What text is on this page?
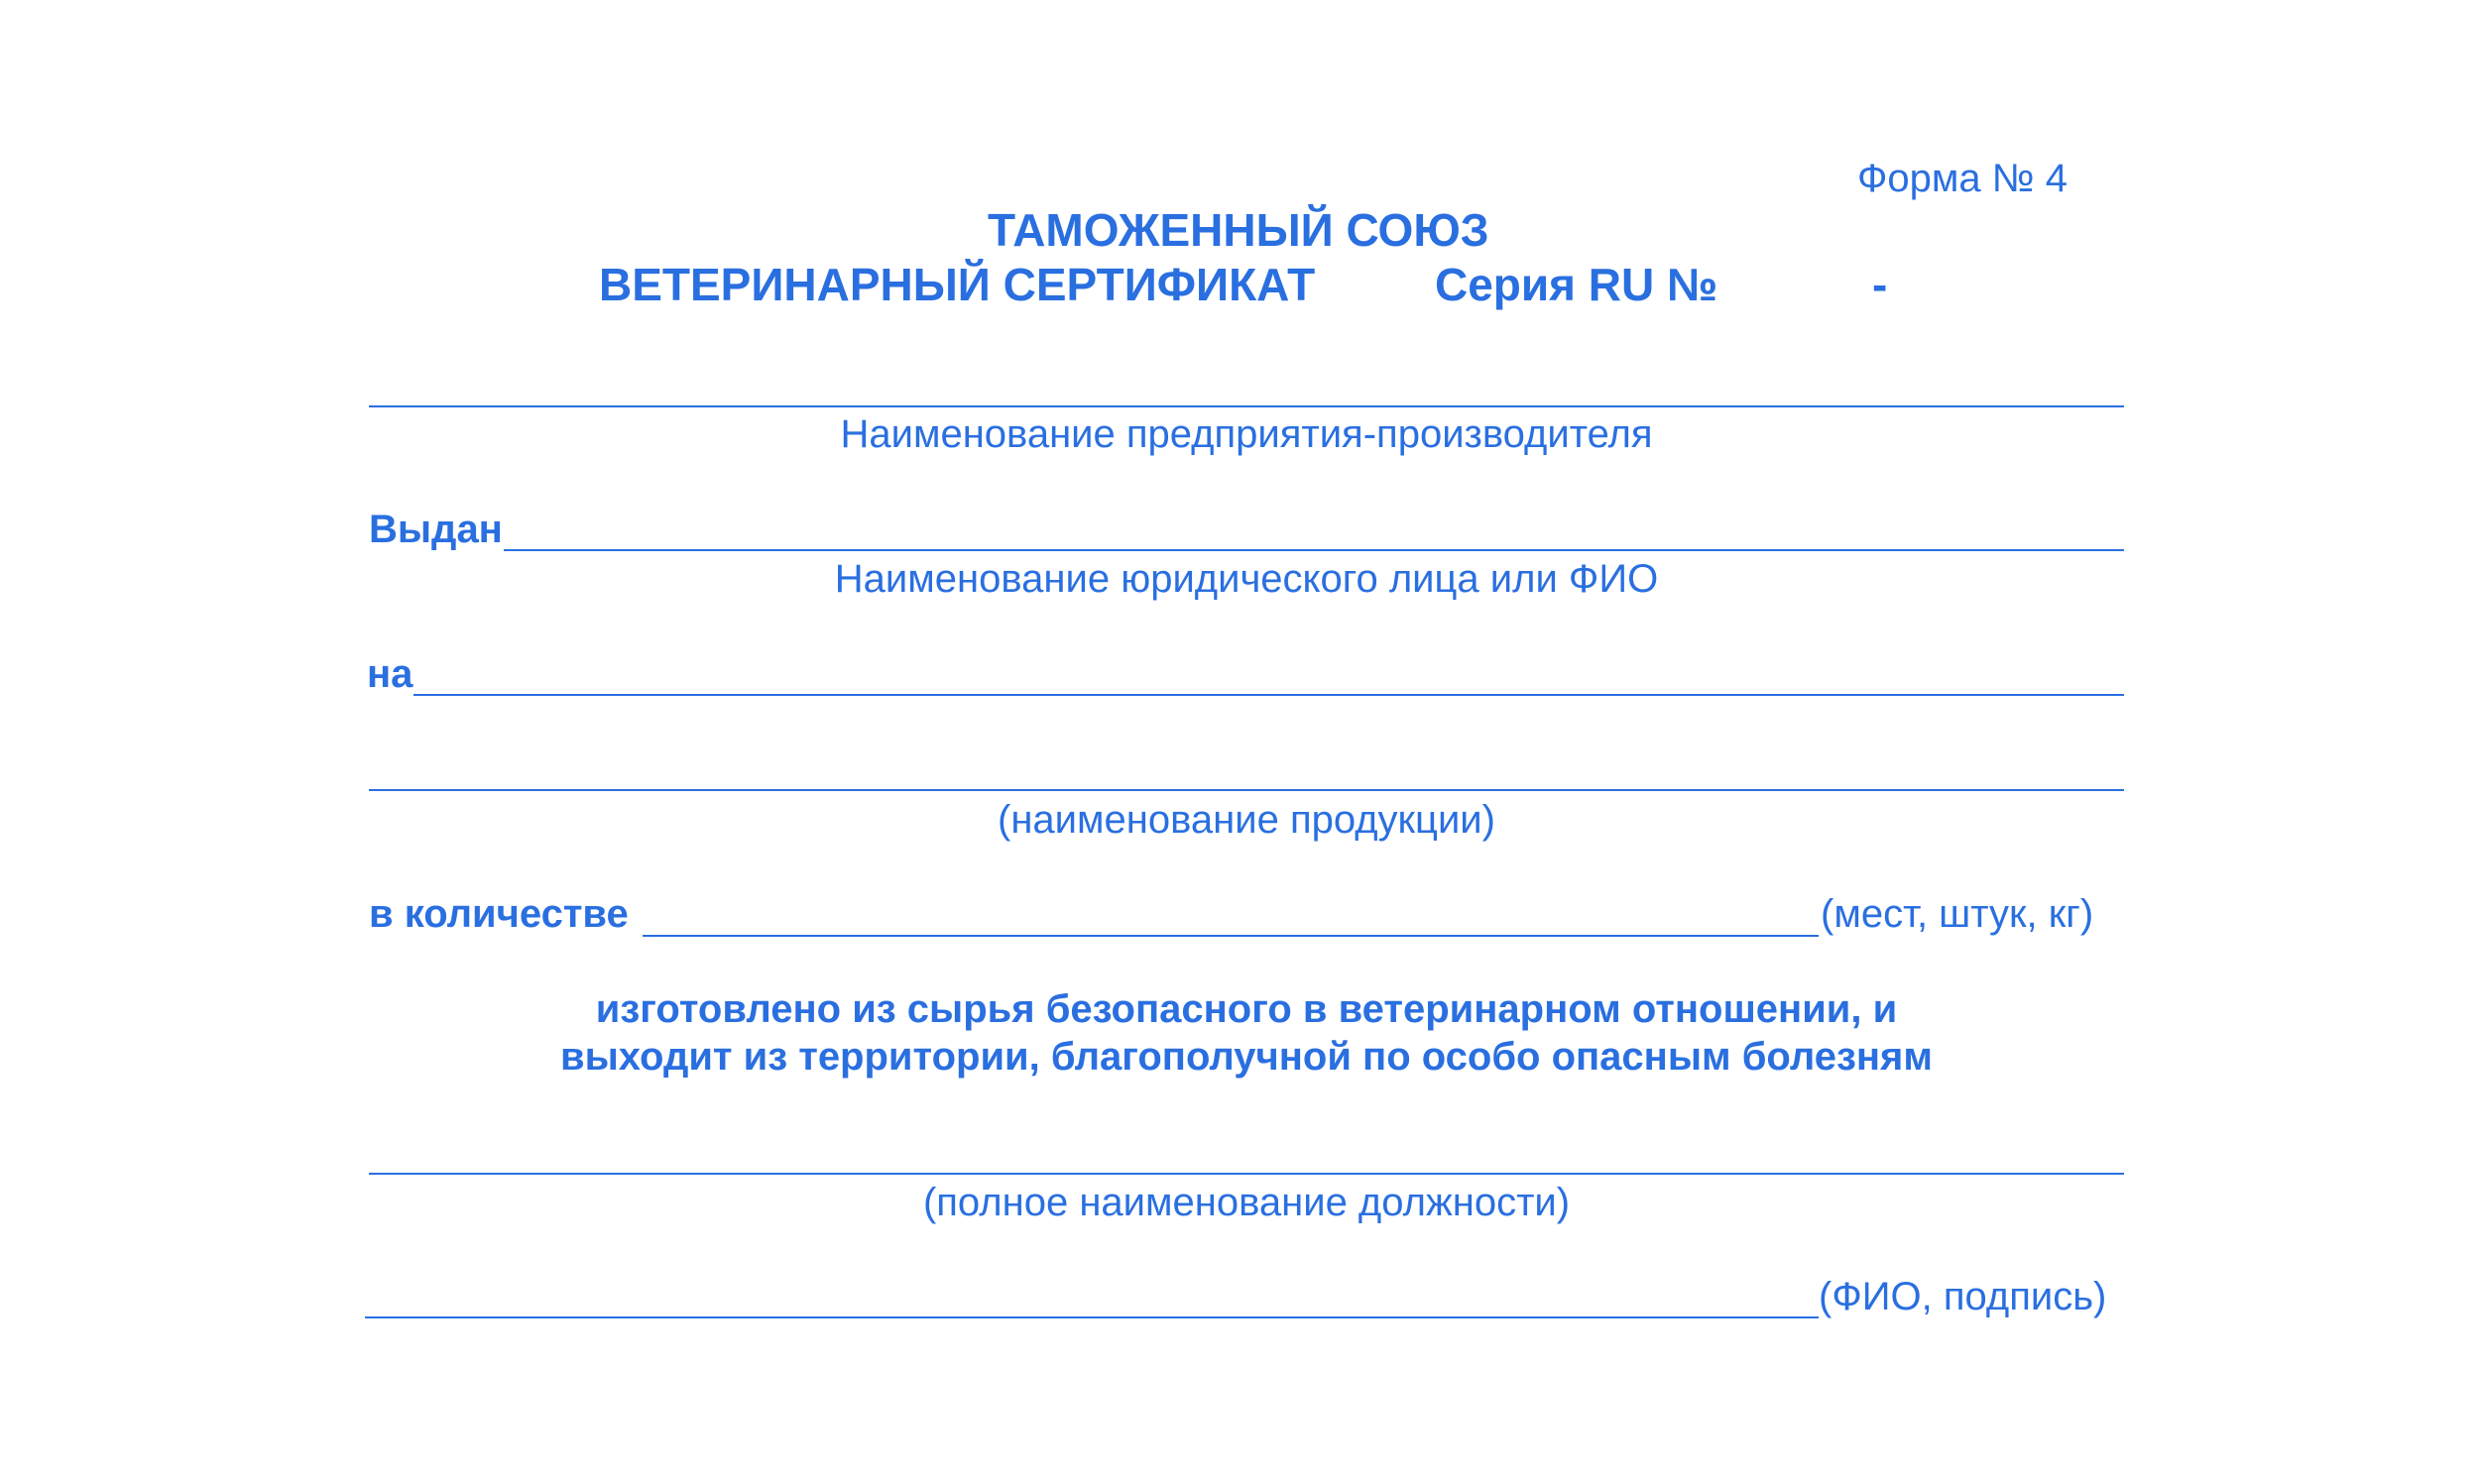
Форма № 4
ТАМОЖЕННЫЙ СОЮЗ
ВЕТЕРИНАРНЫЙ СЕРТИФИКАТ	Серия RU №	-
Наименование предприятия-производителя
Выдан
Наименование юридического лица или ФИО
на
(наименование продукции)
в количестве	(мест, штук, кг)
изготовлено из сырья безопасного в ветеринарном отношении, и
выходит из территории, благополучной по особо опасным болезням
(полное наименование должности)
(ФИО, подпись)
